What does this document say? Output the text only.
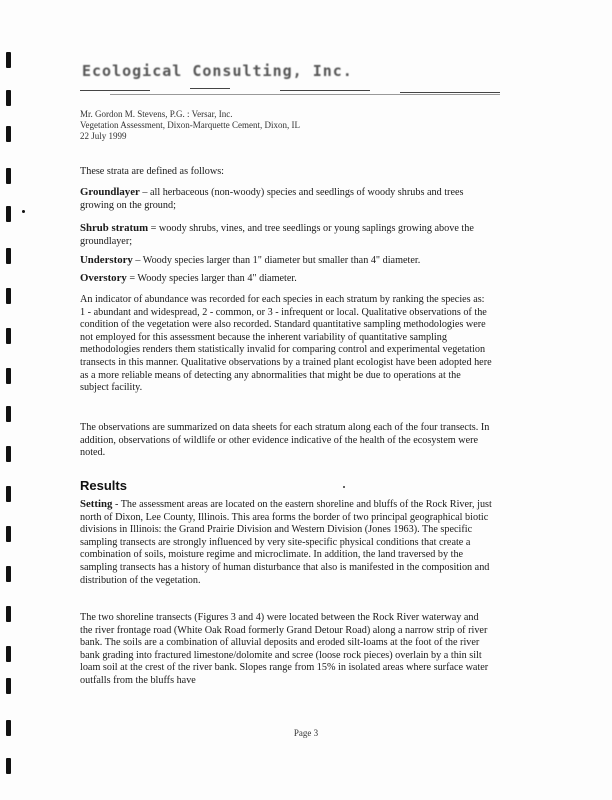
Ecological Consulting, Inc.
Mr. Gordon M. Stevens, P.G. : Versar, Inc.
Vegetation Assessment, Dixon-Marquette Cement, Dixon, IL
22 July 1999

These strata are defined as follows:

Groundlayer – all herbaceous (non-woody) species and seedlings of woody shrubs and trees growing on the ground;

Shrub stratum = woody shrubs, vines, and tree seedlings or young saplings growing above the groundlayer;

Understory – Woody species larger than 1" diameter but smaller than 4" diameter.

Overstory = Woody species larger than 4" diameter.

An indicator of abundance was recorded for each species in each stratum by ranking the species as: 1 - abundant and widespread, 2 - common, or 3 - infrequent or local. Qualitative observations of the condition of the vegetation were also recorded. Standard quantitative sampling methodologies were not employed for this assessment because the inherent variability of quantitative sampling methodologies renders them statistically invalid for comparing control and experimental vegetation transects in this manner. Qualitative observations by a trained plant ecologist have been adopted here as a more reliable means of detecting any abnormalities that might be due to operations at the subject facility.

The observations are summarized on data sheets for each stratum along each of the four transects. In addition, observations of wildlife or other evidence indicative of the health of the ecosystem were noted.

Results

Setting - The assessment areas are located on the eastern shoreline and bluffs of the Rock River, just north of Dixon, Lee County, Illinois. This area forms the border of two principal geographical biotic divisions in Illinois: the Grand Prairie Division and Western Division (Jones 1963). The specific sampling transects are strongly influenced by very site-specific physical conditions that create a combination of soils, moisture regime and microclimate. In addition, the land traversed by the sampling transects has a history of human disturbance that also is manifested in the composition and distribution of the vegetation.

The two shoreline transects (Figures 3 and 4) were located between the Rock River waterway and the river frontage road (White Oak Road formerly Grand Detour Road) along a narrow strip of river bank. The soils are a combination of alluvial deposits and eroded silt-loams at the foot of the river bank grading into fractured limestone/dolomite and scree (loose rock pieces) overlain by a thin silt loam soil at the crest of the river bank. Slopes range from 15% in isolated areas where surface water outfalls from the bluffs have

Page 3
